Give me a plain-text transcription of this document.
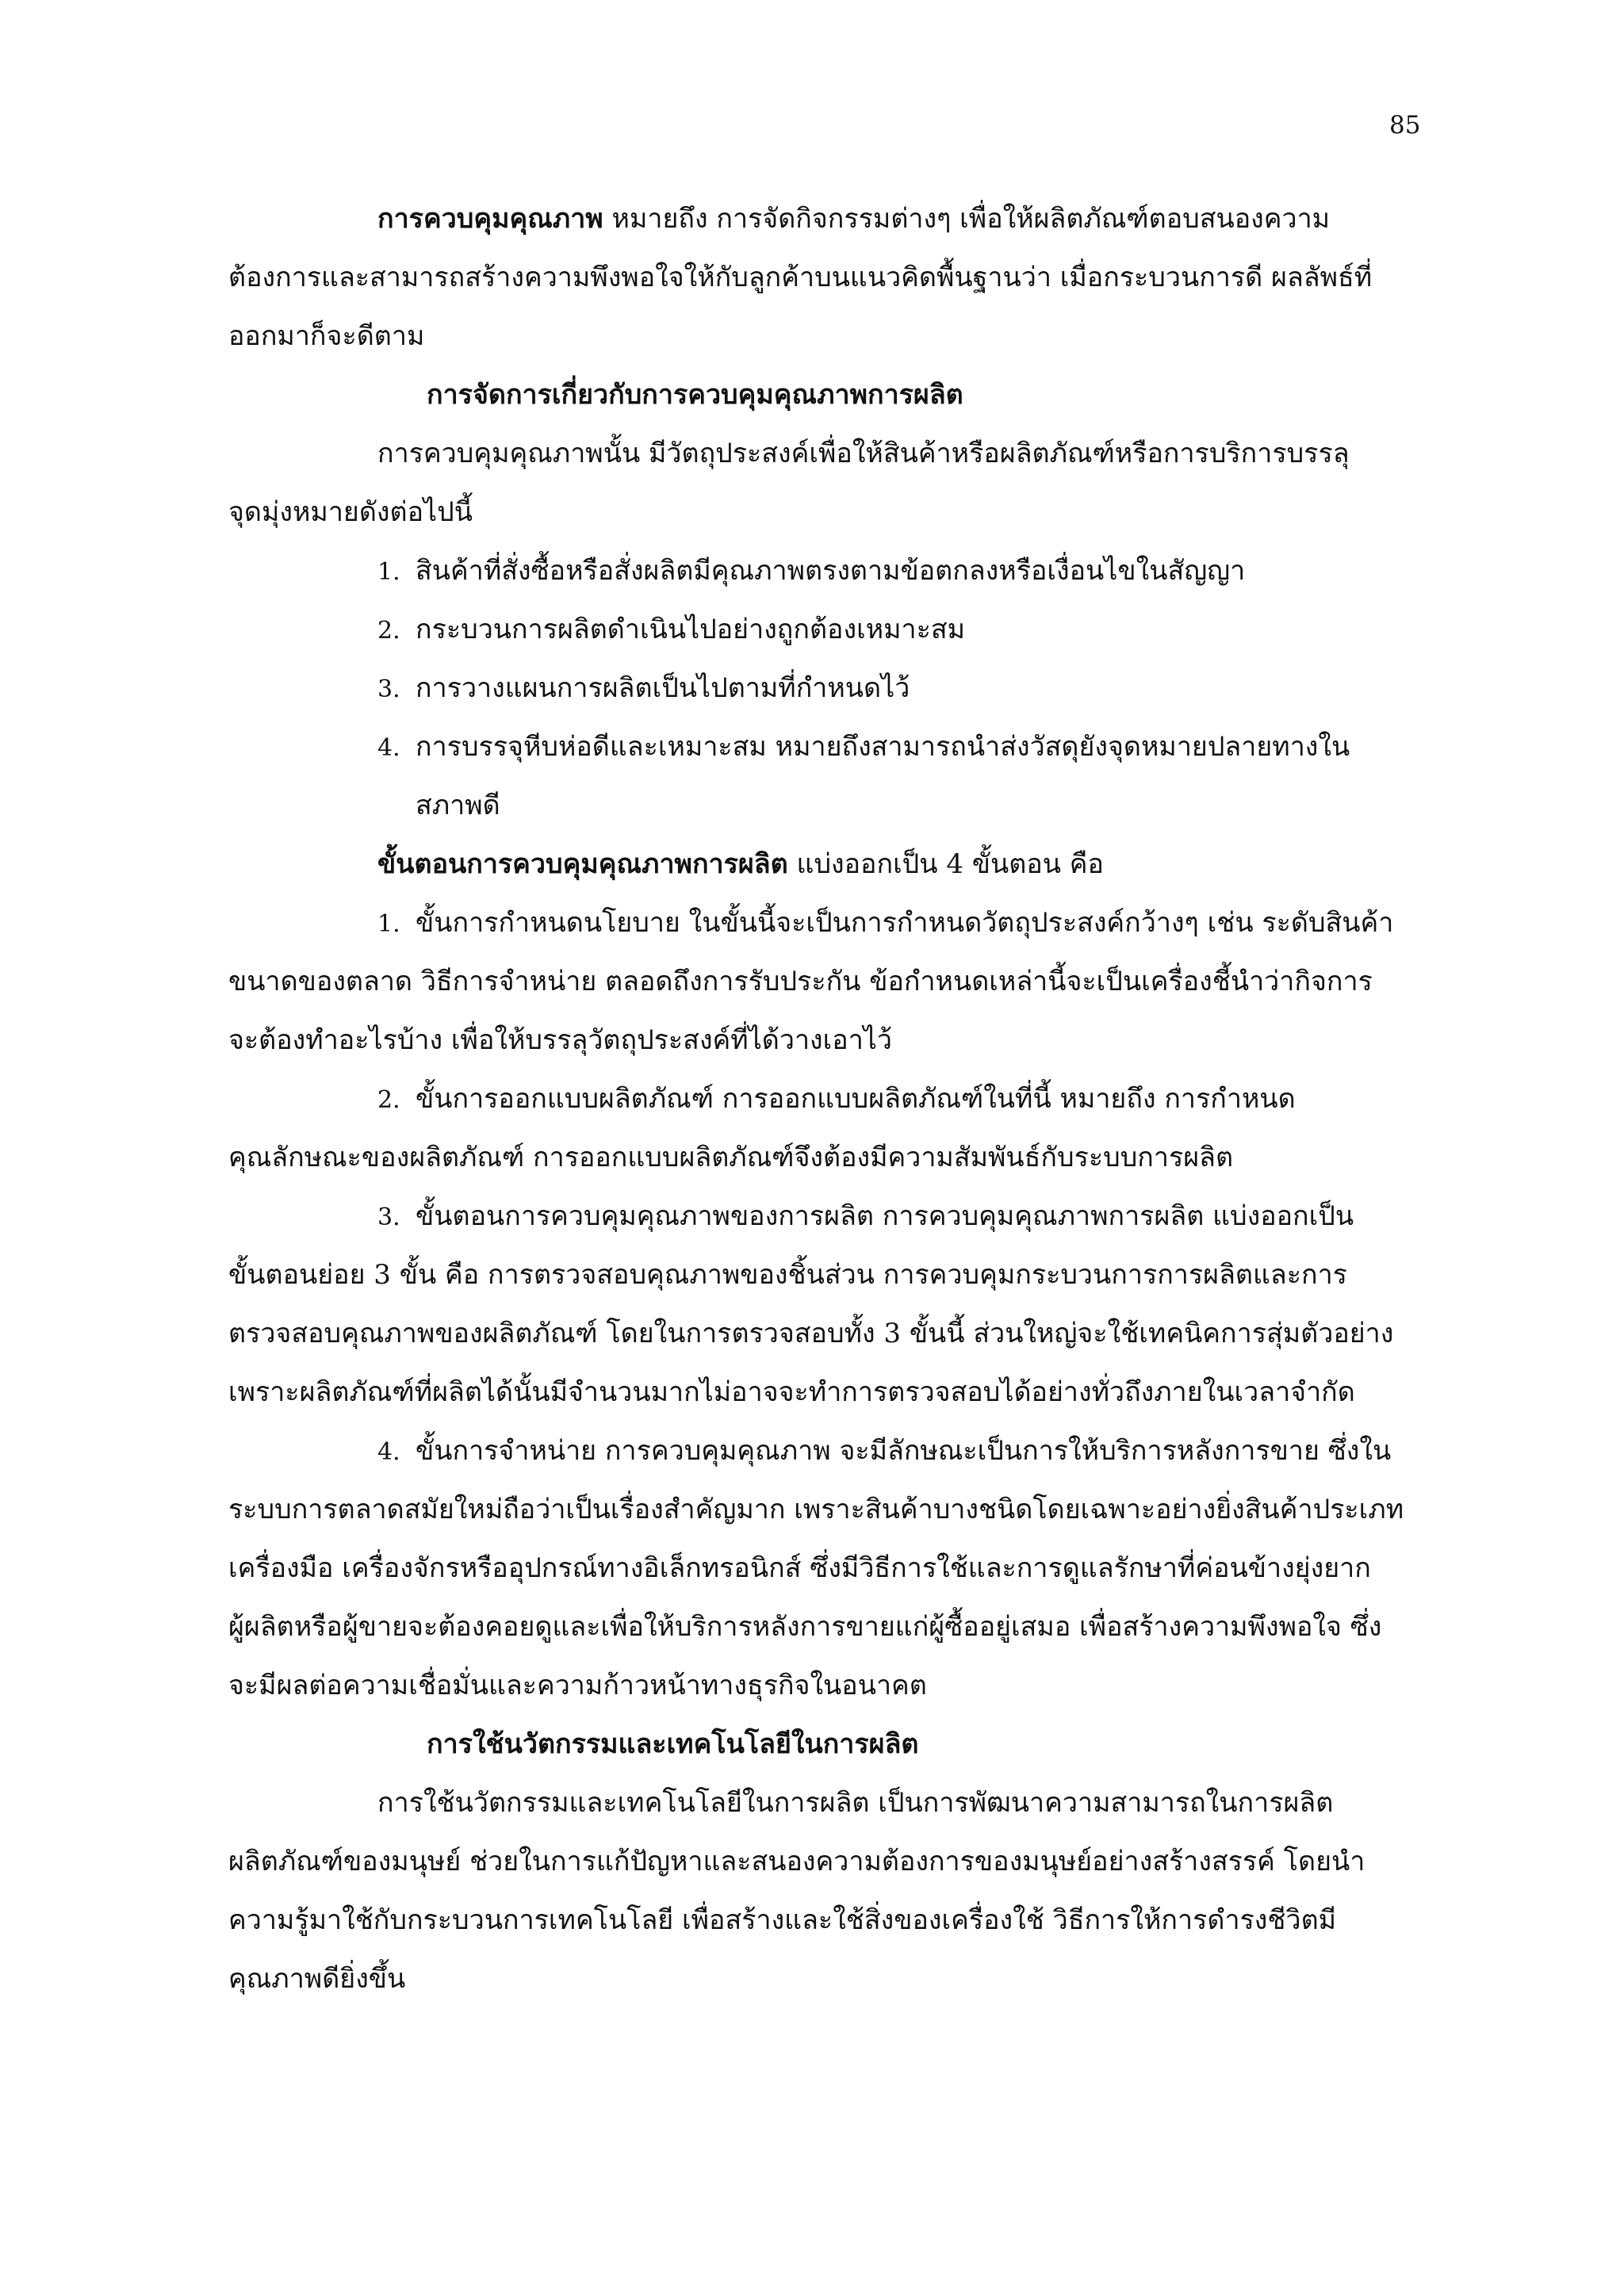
85
การควบคุมคุณภาพ หมายถึง การจัดกิจกรรมต่างๆ เพื่อให้ผลิตภัณฑ์ตอบสนองความ
ต้องการและสามารถสร้างความพึงพอใจให้กับลูกค้าบนแนวคิดพื้นฐานว่า เมื่อกระบวนการดี ผลลัพธ์ที่
ออกมาก็จะดีตาม
การจัดการเกี่ยวกับการควบคุมคุณภาพการผลิต
การควบคุมคุณภาพนั้น มีวัตถุประสงค์เพื่อให้สินค้าหรือผลิตภัณฑ์หรือการบริการบรรลุ
จุดมุ่งหมายดังต่อไปนี้
1. สินค้าที่สั่งซื้อหรือสั่งผลิตมีคุณภาพตรงตามข้อตกลงหรือเงื่อนไขในสัญญา
2. กระบวนการผลิตดำเนินไปอย่างถูกต้องเหมาะสม
3. การวางแผนการผลิตเป็นไปตามที่กำหนดไว้
4. การบรรจุหีบห่อดีและเหมาะสม หมายถึงสามารถนำส่งวัสดุยังจุดหมายปลายทางใน
สภาพดี
ขั้นตอนการควบคุมคุณภาพการผลิต แบ่งออกเป็น 4 ขั้นตอน คือ
1. ขั้นการกำหนดนโยบาย ในขั้นนี้จะเป็นการกำหนดวัตถุประสงค์กว้างๆ เช่น ระดับสินค้า
ขนาดของตลาด วิธีการจำหน่าย ตลอดถึงการรับประกัน ข้อกำหนดเหล่านี้จะเป็นเครื่องชี้นำว่ากิจการ
จะต้องทำอะไรบ้าง เพื่อให้บรรลุวัตถุประสงค์ที่ได้วางเอาไว้
2. ขั้นการออกแบบผลิตภัณฑ์ การออกแบบผลิตภัณฑ์ในที่นี้ หมายถึง การกำหนด
คุณลักษณะของผลิตภัณฑ์ การออกแบบผลิตภัณฑ์จึงต้องมีความสัมพันธ์กับระบบการผลิต
3. ขั้นตอนการควบคุมคุณภาพของการผลิต การควบคุมคุณภาพการผลิต แบ่งออกเป็น
ขั้นตอนย่อย 3 ขั้น คือ การตรวจสอบคุณภาพของชิ้นส่วน การควบคุมกระบวนการการผลิตและการ
ตรวจสอบคุณภาพของผลิตภัณฑ์ โดยในการตรวจสอบทั้ง 3 ขั้นนี้ ส่วนใหญ่จะใช้เทคนิคการสุ่มตัวอย่าง
เพราะผลิตภัณฑ์ที่ผลิตได้นั้นมีจำนวนมากไม่อาจจะทำการตรวจสอบได้อย่างทั่วถึงภายในเวลาจำกัด
4. ขั้นการจำหน่าย การควบคุมคุณภาพ จะมีลักษณะเป็นการให้บริการหลังการขาย ซึ่งใน
ระบบการตลาดสมัยใหม่ถือว่าเป็นเรื่องสำคัญมาก เพราะสินค้าบางชนิดโดยเฉพาะอย่างยิ่งสินค้าประเภท
เครื่องมือ เครื่องจักรหรืออุปกรณ์ทางอิเล็กทรอนิกส์ ซึ่งมีวิธีการใช้และการดูแลรักษาที่ค่อนข้างยุ่งยาก
ผู้ผลิตหรือผู้ขายจะต้องคอยดูและเพื่อให้บริการหลังการขายแก่ผู้ซื้ออยู่เสมอ เพื่อสร้างความพึงพอใจ ซึ่ง
จะมีผลต่อความเชื่อมั่นและความก้าวหน้าทางธุรกิจในอนาคต
การใช้นวัตกรรมและเทคโนโลยีในการผลิต
การใช้นวัตกรรมและเทคโนโลยีในการผลิต เป็นการพัฒนาความสามารถในการผลิต
ผลิตภัณฑ์ของมนุษย์ ช่วยในการแก้ปัญหาและสนองความต้องการของมนุษย์อย่างสร้างสรรค์ โดยนำ
ความรู้มาใช้กับกระบวนการเทคโนโลยี เพื่อสร้างและใช้สิ่งของเครื่องใช้ วิธีการให้การดำรงชีวิตมี
คุณภาพดียิ่งขึ้น
